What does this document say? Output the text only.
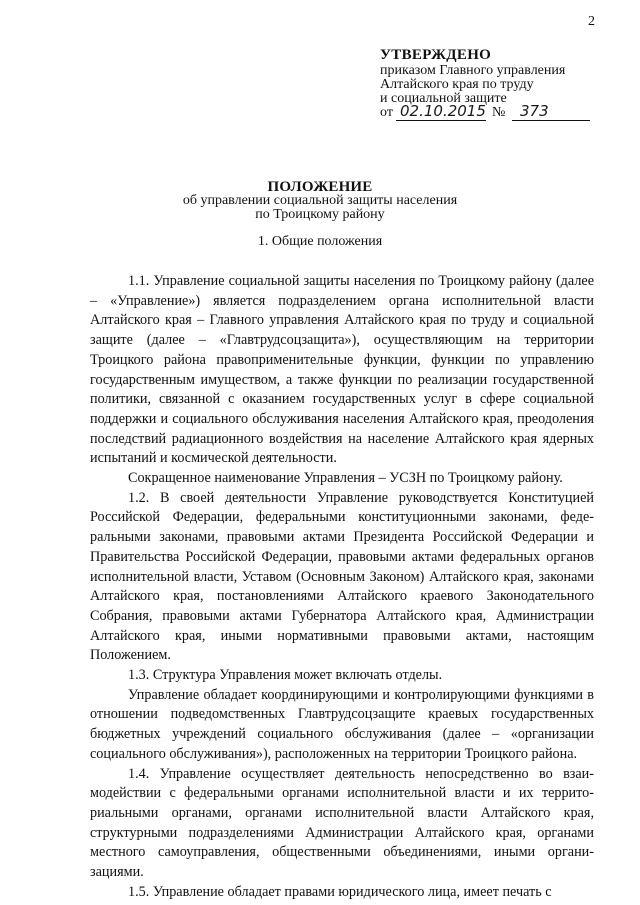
2
УТВЕРЖДЕНО
приказом Главного управления
Алтайского края по труду
и социальной защите
от 02.10.2015 № 373
ПОЛОЖЕНИЕ
об управлении социальной защиты населения
по Троицкому району
1. Общие положения

1.1. Управление социальной защиты населения по Троицкому району (далее – «Управление») является подразделением органа исполнительной власти Алтайского края – Главного управления Алтайского края по труду и социальной защите (далее – «Главтрудсоцзащита»), осуществляющим на территории Троицкого района правоприменительные функции, функции по управлению государственным имуществом, а также функции по реализации государственной политики, связанной с оказанием государственных услуг в сфере социальной поддержки и социального обслуживания населения Алтайского края, преодоления последствий радиационного воздействия на население Алтайского края ядерных испытаний и космической деятельности.

Сокращенное наименование Управления – УСЗН по Троицкому району.

1.2. В своей деятельности Управление руководствуется Конституцией Российской Федерации, федеральными конституционными законами, федеральными законами, правовыми актами Президента Российской Федерации и Правительства Российской Федерации, правовыми актами федеральных органов исполнительной власти, Уставом (Основным Законом) Алтайского края, законами Алтайского края, постановлениями Алтайского краевого Законодательного Собрания, правовыми актами Губернатора Алтайского края, Администрации Алтайского края, иными нормативными правовыми актами, настоящим Положением.

1.3. Структура Управления может включать отделы.

Управление обладает координирующими и контролирующими функциями в отношении подведомственных Главтрудсоцзащите краевых государственных бюджетных учреждений социального обслуживания (далее – «организации социального обслуживания»), расположенных на территории Троицкого района.

1.4. Управление осуществляет деятельность непосредственно во взаимодействии с федеральными органами исполнительной власти и их территориальными органами, органами исполнительной власти Алтайского края, структурными подразделениями Администрации Алтайского края, органами местного самоуправления, общественными объединениями, иными организациями.

1.5. Управление обладает правами юридического лица, имеет печать с
